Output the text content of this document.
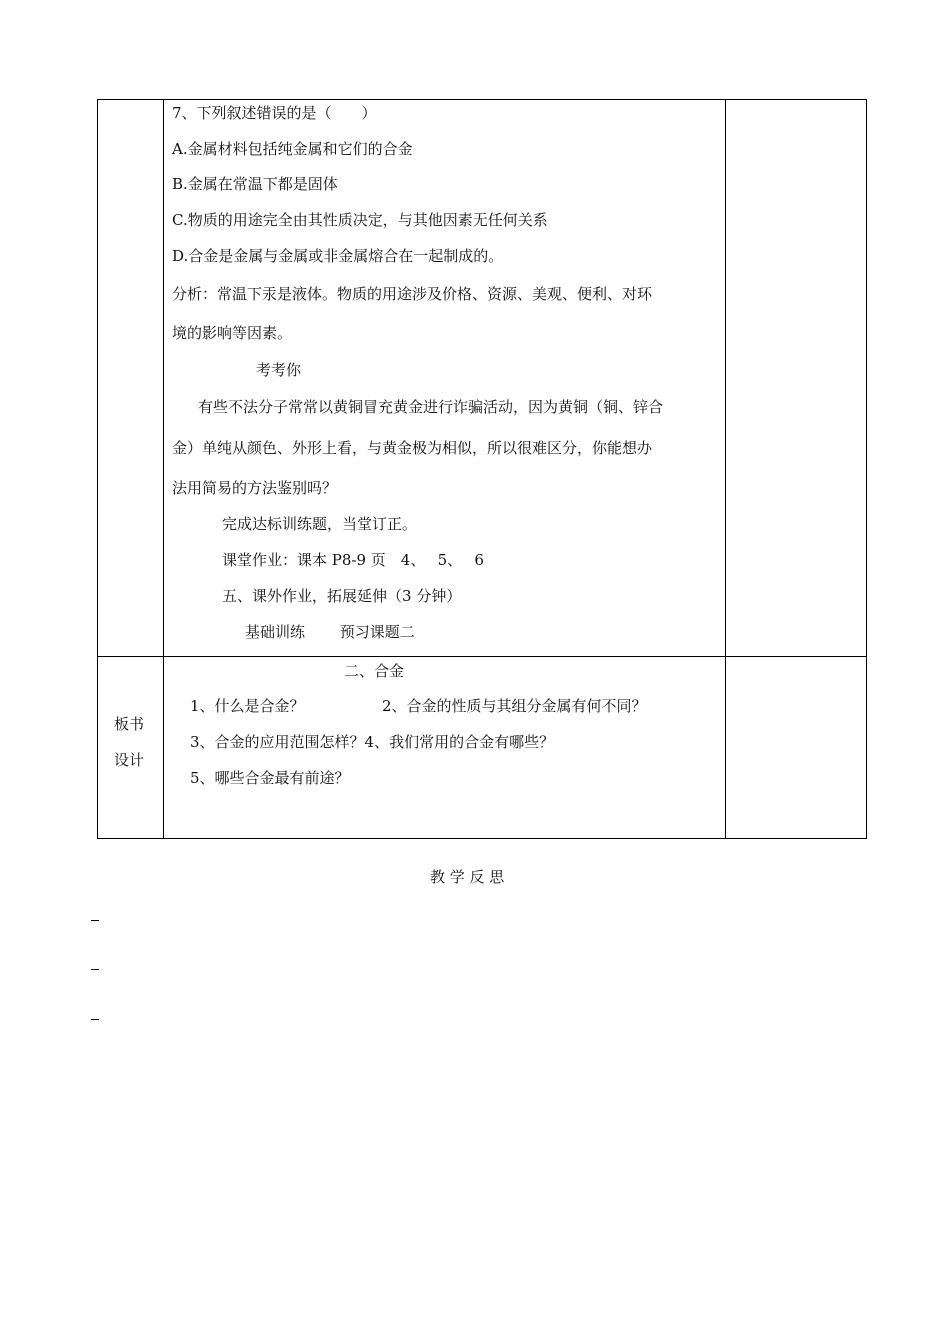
7、下列叙述错误的是（　　）
A.金属材料包括纯金属和它们的合金
B.金属在常温下都是固体
C.物质的用途完全由其性质决定，与其他因素无任何关系
D.合金是金属与金属或非金属熔合在一起制成的。
分析：常温下汞是液体。物质的用途涉及价格、资源、美观、便利、对环
境的影响等因素。
考考你
有些不法分子常常以黄铜冒充黄金进行诈骗活动，因为黄铜（铜、锌合
金）单纯从颜色、外形上看，与黄金极为相似，所以很难区分，你能想办
法用简易的方法鉴别吗？
完成达标训练题，当堂订正。
课堂作业：课本 P8-9 页　4、　 5、　 6
五、课外作业，拓展延伸（3 分钟）
基础训练　　 预习课题二
板书
设计
二、合金
1、什么是合金？	2、合金的性质与其组分金属有何不同？
3、合金的应用范围怎样？4、我们常用的合金有哪些？
5、哪些合金最有前途？
教 学 反 思
